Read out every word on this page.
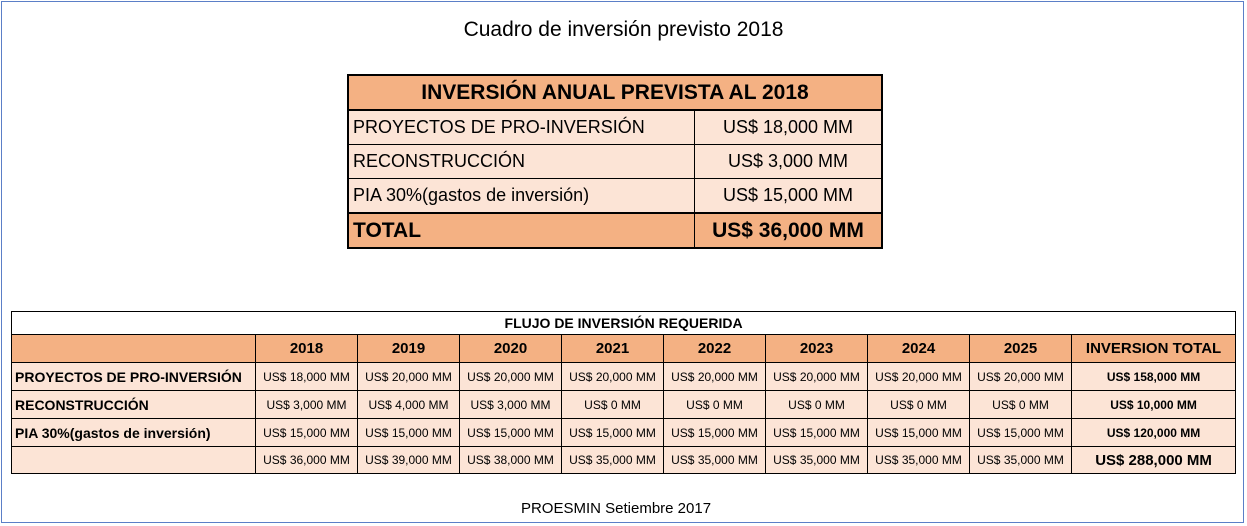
Cuadro de inversión previsto 2018
INVERSIÓN ANUAL PREVISTA AL 2018	
PROYECTOS DE PRO-INVERSIÓN	US$ 18,000 MM
RECONSTRUCCIÓN	US$ 3,000 MM
PIA 30%(gastos de inversión)	US$ 15,000 MM
TOTAL	US$ 36,000 MM
FLUJO DE INVERSIÓN REQUERIDA									
	2018	2019	2020	2021	2022	2023	2024	2025	INVERSION TOTAL
PROYECTOS DE PRO-INVERSIÓN	US$ 18,000 MM	US$ 20,000 MM	US$ 20,000 MM	US$ 20,000 MM	US$ 20,000 MM	US$ 20,000 MM	US$ 20,000 MM	US$ 20,000 MM	US$ 158,000 MM
RECONSTRUCCIÓN	US$ 3,000 MM	US$ 4,000 MM	US$ 3,000 MM	US$ 0 MM	US$ 0 MM	US$ 0 MM	US$ 0 MM	US$ 0 MM	US$ 10,000 MM
PIA 30%(gastos de inversión)	US$ 15,000 MM	US$ 15,000 MM	US$ 15,000 MM	US$ 15,000 MM	US$ 15,000 MM	US$ 15,000 MM	US$ 15,000 MM	US$ 15,000 MM	US$ 120,000 MM
	US$ 36,000 MM	US$ 39,000 MM	US$ 38,000 MM	US$ 35,000 MM	US$ 35,000 MM	US$ 35,000 MM	US$ 35,000 MM	US$ 35,000 MM	US$ 288,000 MM
PROESMIN Setiembre 2017
